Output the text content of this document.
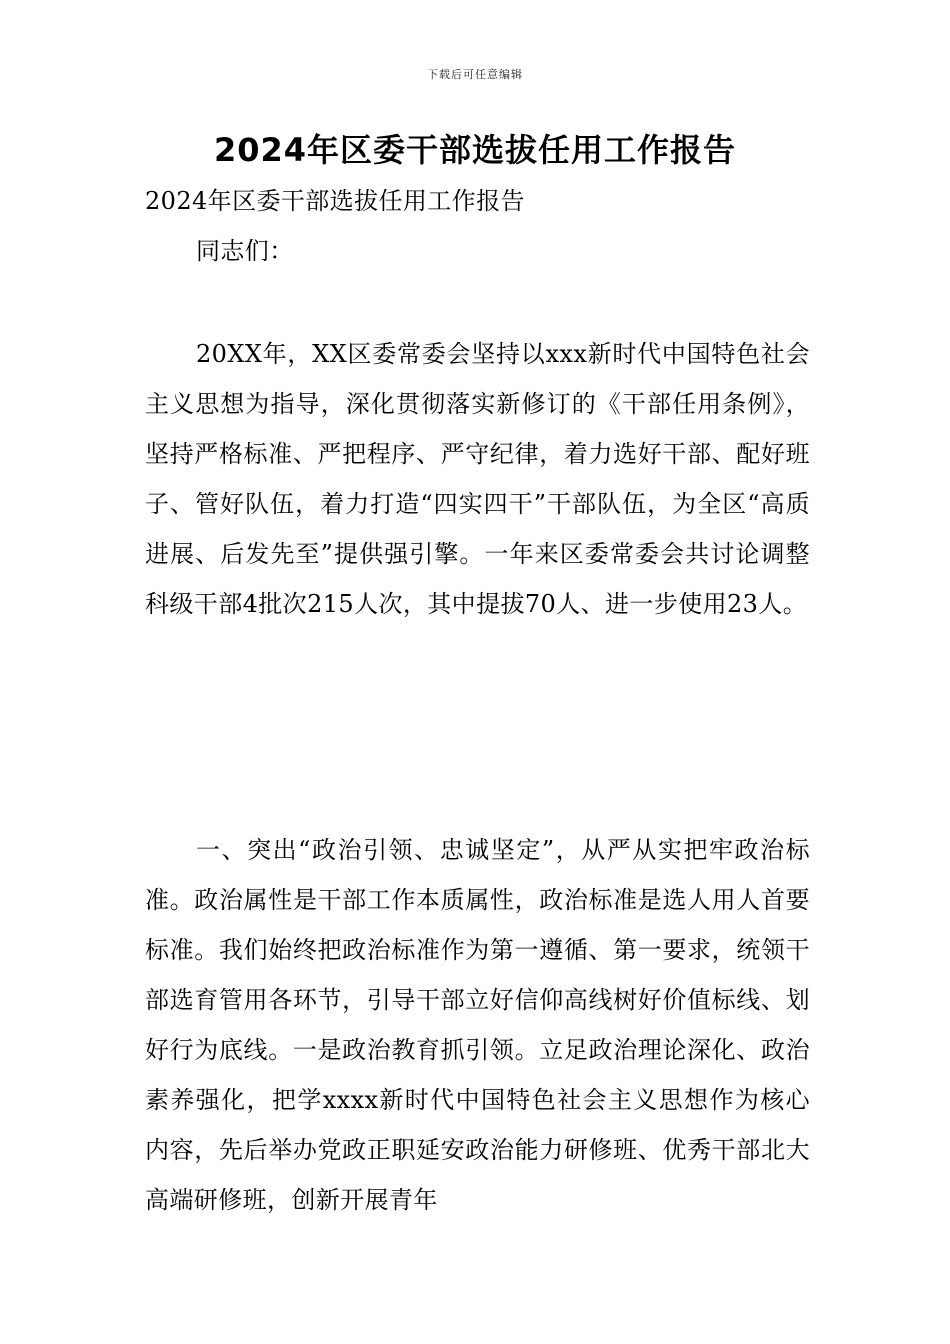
下载后可任意编辑
2024年区委干部选拔任用工作报告
2024年区委干部选拔任用工作报告
同志们：

20XX年，XX区委常委会坚持以xxx新时代中国特色社会主义思想为指导，深化贯彻落实新修订的《干部任用条例》，坚持严格标准、严把程序、严守纪律，着力选好干部、配好班子、管好队伍，着力打造“四实四干”干部队伍，为全区“高质进展、后发先至”提供强引擎。一年来区委常委会共讨论调整科级干部4批次215人次，其中提拔70人、进一步使用23人。

一、突出“政治引领、忠诚坚定”，从严从实把牢政治标准。政治属性是干部工作本质属性，政治标准是选人用人首要标准。我们始终把政治标准作为第一遵循、第一要求，统领干部选育管用各环节，引导干部立好信仰高线树好价值标线、划好行为底线。一是政治教育抓引领。立足政治理论深化、政治素养强化，把学xxxx新时代中国特色社会主义思想作为核心内容，先后举办党政正职延安政治能力研修班、优秀干部北大高端研修班，创新开展青年
